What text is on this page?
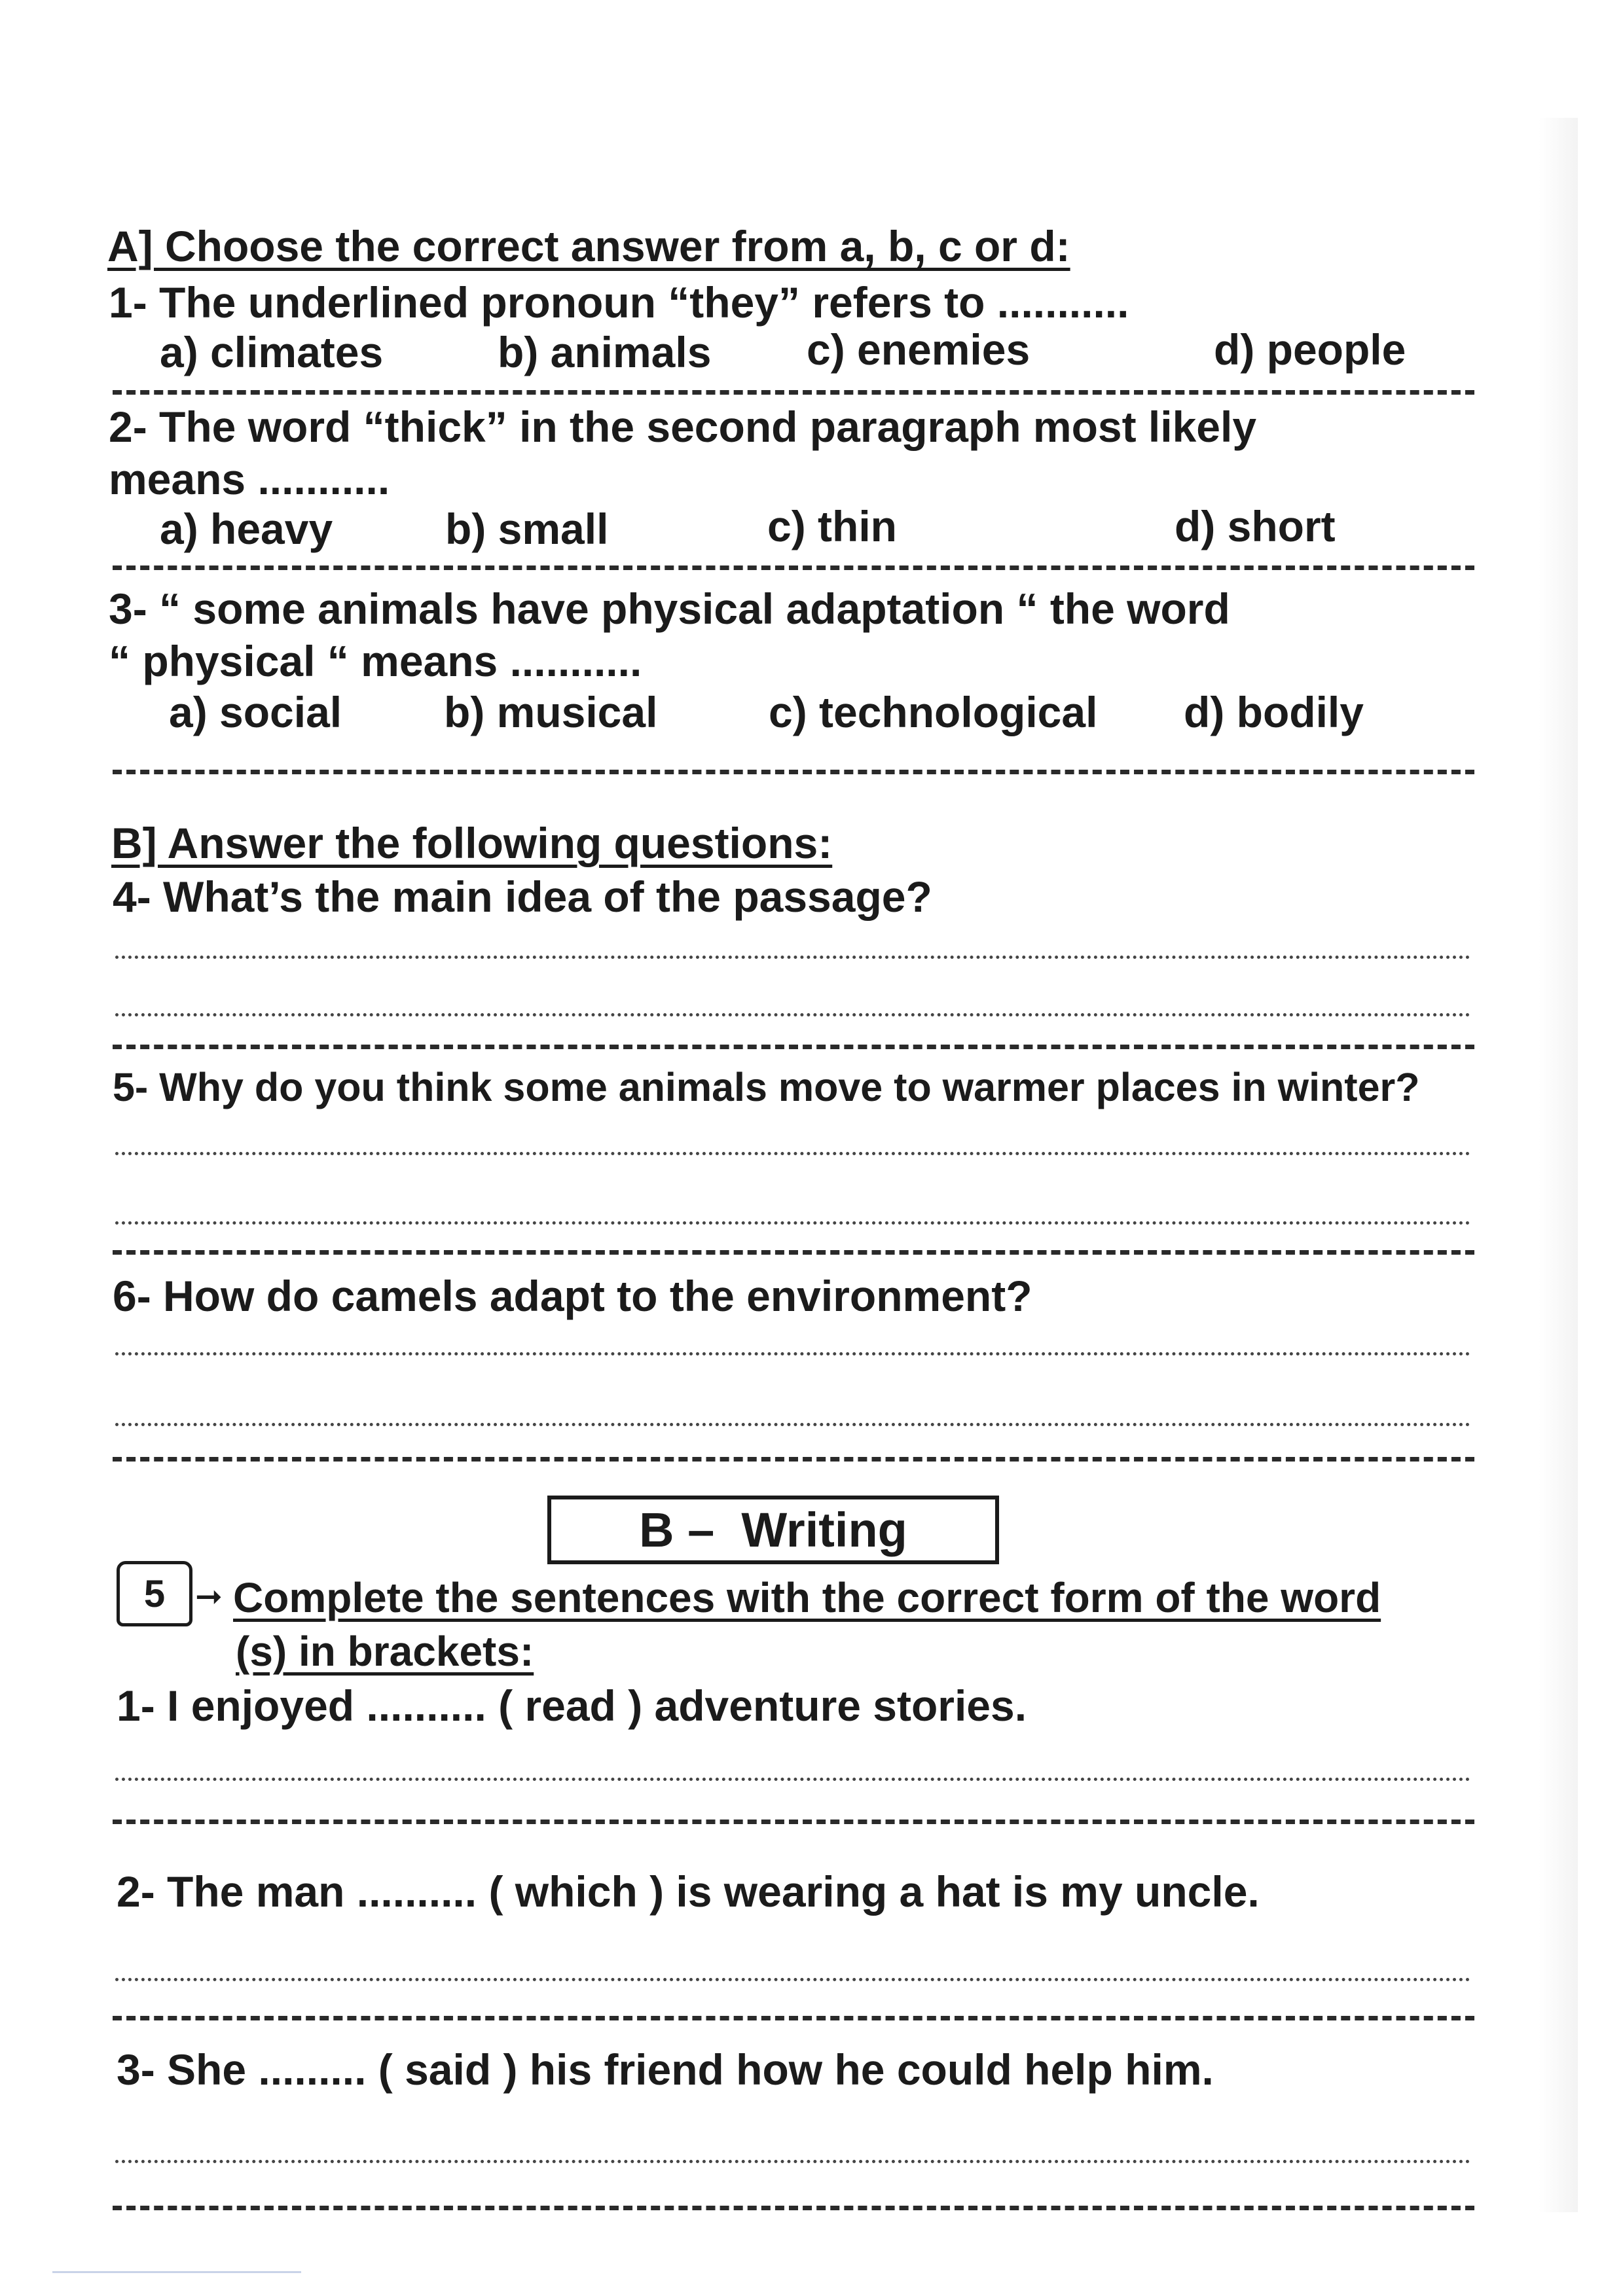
A] Choose the correct answer from a, b, c or d:
1- The underlined pronoun “they” refers to ...........
a) climates	b) animals c) enemies	d) people
2- The word “thick” in the second paragraph most likely
means ...........
a) heavy	b) small	c) thin	d) short
3- “ some animals have physical adaptation “ the word
“ physical “ means ...........
a) social b) musical	c) technological d) bodily
B] Answer the following questions:
4- What’s the main idea of the passage?
5- Why do you think some animals move to warmer places in winter?
6- How do camels adapt to the environment?
B –  Writing
5 ➞ Complete the sentences with the correct form of the word
(s) in brackets:
1- I enjoyed .......... ( read ) adventure stories.
2- The man .......... ( which ) is wearing a hat is my uncle.
3- She ......... ( said ) his friend how he could help him.
